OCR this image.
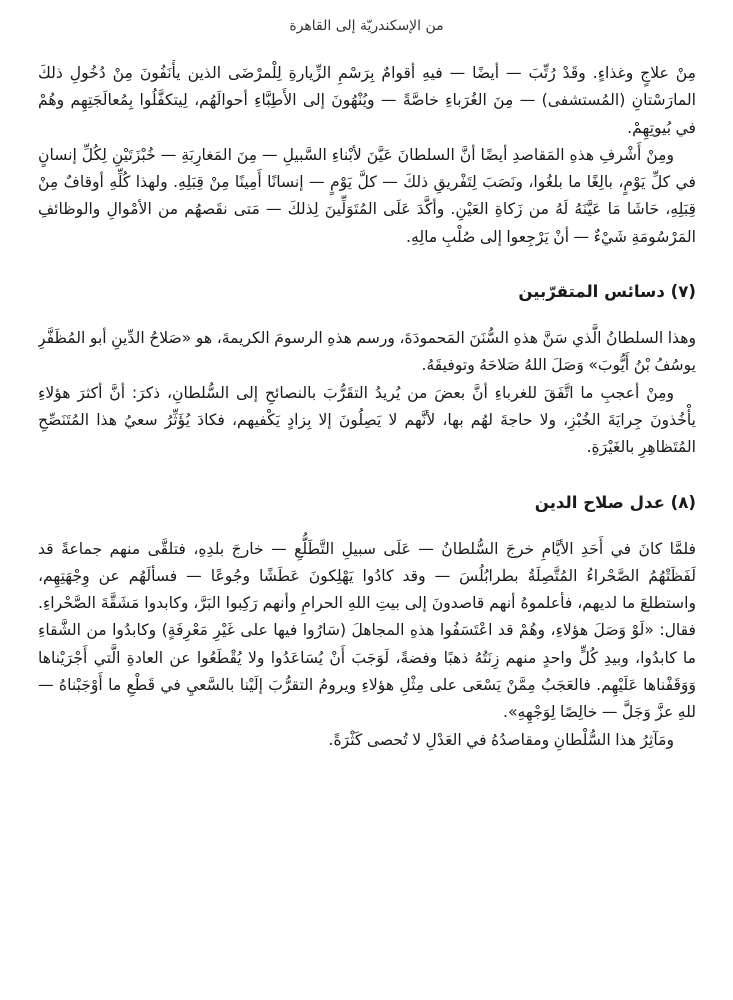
من الإسكندريّة إلى القاهرة

مِنْ علاجٍ وغذاءٍ. وقَدْ رُتِّبَ — أيضًا — فيهِ أقوامٌ بِرَسْمِ الزِّيارةِ لِلْمرْضَى الذين يأْنَفُونَ مِنْ دُخُولِ ذلكَ المارَسْتانِ (المُستشفى) — مِنَ الغُرَباءِ خاصَّةً — ويُنْهُونَ إلى الأَطِبَّاءِ أحوالَهُم، لِيتكفَّلُوا بِمُعالَجَتِهِم وهُمْ في بُيوتِهِمْ.

ومِنْ أَشْرفِ هذهِ المَقاصدِ أيضًا أنَّ السلطانَ عَيَّنَ لأبْناءِ السَّبيلِ — مِنَ المَغارِبَةِ — خُبْزَتَيْنِ لِكُلِّ إنسانٍ في كلِّ يَوْمٍ، بالِغًا ما بلغُوا، ونَصَبَ لِتَفْريقِ ذلكَ — كلَّ يَوْمٍ — إنسانًا أَمِينًا مِنْ قِبَلِهِ. ولهذا كُلِّهِ أوقافٌ مِنْ قِبَلِهِ، حَاشَا مَا عَيَّنَهُ لَهُ من زَكاةِ العَيْنِ. وأكَّدَ عَلَى المُتَوَلِّينَ لِذلكَ — مَتى نقَصهُم من الأمْوالِ والوظائفِ المَرْسُومَةِ شَيْءٌ — أنْ يَرْجِعوا إلى صُلْبِ مالِهِ.

(٧) دسائس المتقرّبين

وهذا السلطانُ الَّذي سَنَّ هذهِ السُّنَنَ المَحمودَةَ، ورسم هذهِ الرسومَ الكريمةَ، هو «صَلاحُ الدِّينِ أبو المُظَفَّرِ يوسُفُ بْنُ أَيُّوبَ» وَصَلَ اللهُ صَلاحَهُ وتوفيقَهُ.

ومِنْ أعجبِ ما اتَّفَقَ للغرباءِ أنَّ بعضَ من يُريدُ التقَرُّبَ بالنصائحِ إلى السُّلطانِ، ذكرَ: أنَّ أكثرَ هؤلاءِ يأْخُذونَ جِرايَةَ الخُبْزِ، ولا حاجةَ لهُم بها، لأنَّهم لا يَصِلُونَ إلا بِزادٍ يَكْفيهم، فكادَ يُؤَثِّرُ سعيُ هذا المُتَنَصِّحِ المُتَظاهِرِ بالغَيْرَةِ.

(٨) عدل صلاح الدين

فلمَّا كانَ في أَحَدِ الأيَّامِ خرجَ السُّلطانُ — عَلَى سبيلِ التَّطَلُّعِ — خارجَ بلدِهِ، فتلقَّى منهم جماعةً قد لَفَظَتْهُمُ الصَّحْراءُ المُتَّصِلَةُ بطرابُلُسَ — وقد كادُوا يَهْلِكونَ عَطَشًا وجُوعًا — فسألَهُم عن وِجْهَتِهِم، واستطلعَ ما لديهم، فأعلموهُ أنهم قاصدونَ إلى بيتِ اللهِ الحرامِ وأنهم رَكِبوا البَرَّ، وكابدوا مَشَقَّةَ الصَّحْراءِ. فقال: «لَوْ وَصَلَ هؤلاءِ، وهُمْ قد اعْتَسَفُوا هذهِ المجاهلَ (سَارُوا فيها على غَيْرِ مَعْرِفَةٍ) وكابدُوا من الشَّقاءِ ما كابدُوا، وبيدِ كُلٍّ واحدٍ منهم زِنَتُهُ ذهبًا وفضةً، لَوَجَبَ أَنْ يُسَاعَدُوا ولا يُقْطَعُوا عن العادةِ الَّتي أَجْرَيْناها وَوَقَفْناها عَلَيْهِم. فالعَجَبُ مِمَّنْ يَسْعَى على مِثْلِ هؤلاءِ ويرومُ التقرُّبَ إلَيْنا بالسَّعيِ في قَطْعِ ما أَوْجَبْناهُ — للهِ عزَّ وَجَلَّ — خالِصًا لِوَجْهِهِ».

ومَآثِرُ هذا السُّلْطانِ ومقاصدُهُ في العَدْلِ لا تُحصى كَثْرَةً.
